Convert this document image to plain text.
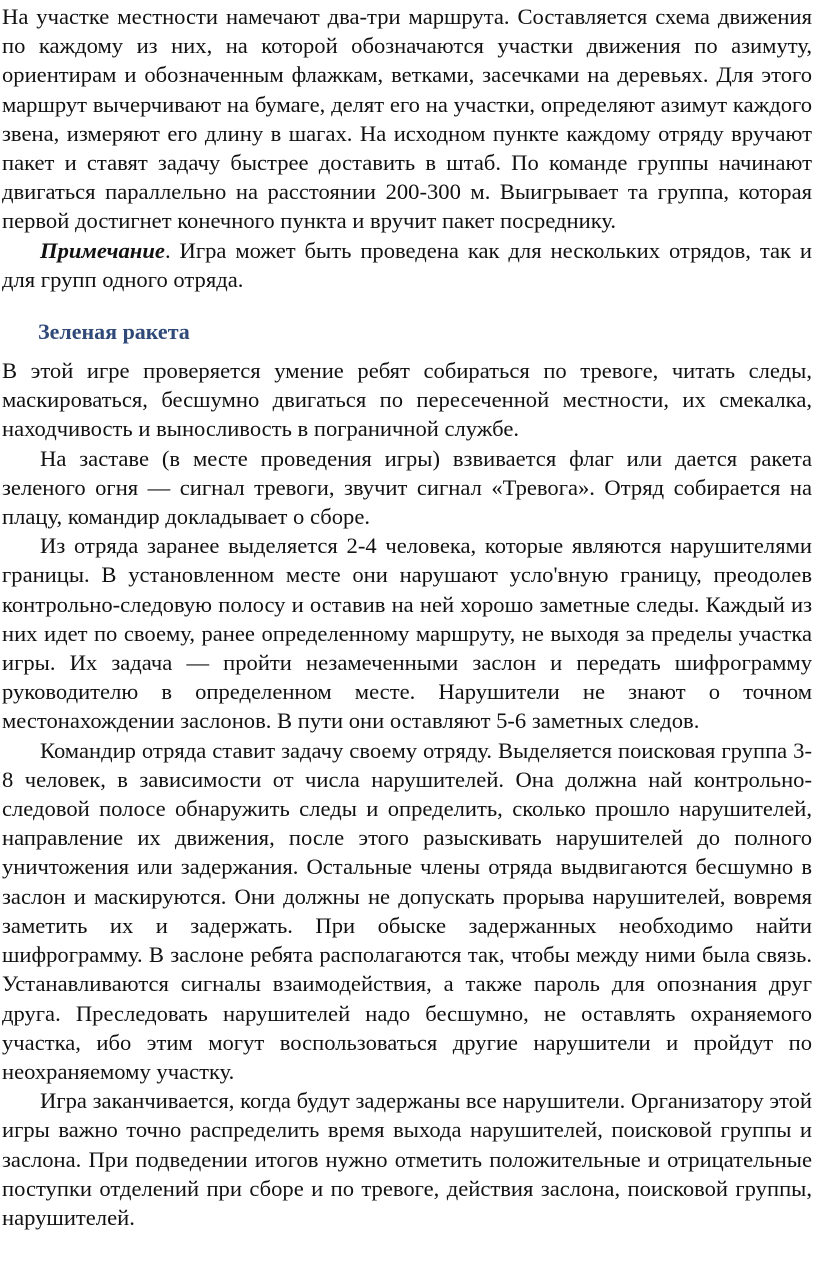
На участке местности намечают два-три маршрута. Составляется схема движения по каждому из них, на которой обозначаются участки движения по азимуту, ориентирам и обозначенным флажкам, ветками, засечками на деревьях. Для этого маршрут вычерчивают на бумаге, делят его на участки, определяют азимут каждого звена, измеряют его длину в шагах. На исходном пункте каждому отряду вручают пакет и ставят задачу быстрее доставить в штаб. По команде группы начинают двигаться параллельно на расстоянии 200-300 м. Выигрывает та группа, которая первой достигнет конечного пункта и вручит пакет посреднику.

Примечание. Игра может быть проведена как для нескольких отрядов, так и для групп одного отряда.

Зеленая ракета

В этой игре проверяется умение ребят собираться по тревоге, читать следы, маскироваться, бесшумно двигаться по пересеченной местности, их смекалка, находчивость и выносливость в пограничной службе.

На заставе (в месте проведения игры) взвивается флаг или дается ракета зеленого огня — сигнал тревоги, звучит сигнал «Тревога». Отряд собирается на плацу, командир докладывает о сборе.

Из отряда заранее выделяется 2-4 человека, которые являются нарушителями границы. В установленном месте они нарушают усло'вную границу, преодолев контрольно-следовую полосу и оставив на ней хорошо заметные следы. Каждый из них идет по своему, ранее определенному маршруту, не выходя за пределы участка игры. Их задача — пройти незамеченными заслон и передать шифрограмму руководителю в определенном месте. Нарушители не знают о точном местонахождении заслонов. В пути они оставляют 5-6 заметных следов.

Командир отряда ставит задачу своему отряду. Выделяется поисковая группа 3-8 человек, в зависимости от числа нарушителей. Она должна най контрольно-следовой полосе обнаружить следы и определить, сколько прошло нарушителей, направление их движения, после этого разыскивать нарушителей до полного уничтожения или задержания. Остальные члены отряда выдвигаются бесшумно в заслон и маскируются. Они должны не допускать прорыва нарушителей, вовремя заметить их и задержать. При обыске задержанных необходимо найти шифрограмму. В заслоне ребята располагаются так, чтобы между ними была связь. Устанавливаются сигналы взаимодействия, а также пароль для опознания друг друга. Преследовать нарушителей надо бесшумно, не оставлять охраняемого участка, ибо этим могут воспользоваться другие нарушители и пройдут по неохраняемому участку.

Игра заканчивается, когда будут задержаны все нарушители. Организатору этой игры важно точно распределить время выхода нарушителей, поисковой группы и заслона. При подведении итогов нужно отметить положительные и отрицательные поступки отделений при сборе и по тревоге, действия заслона, поисковой группы, нарушителей.
